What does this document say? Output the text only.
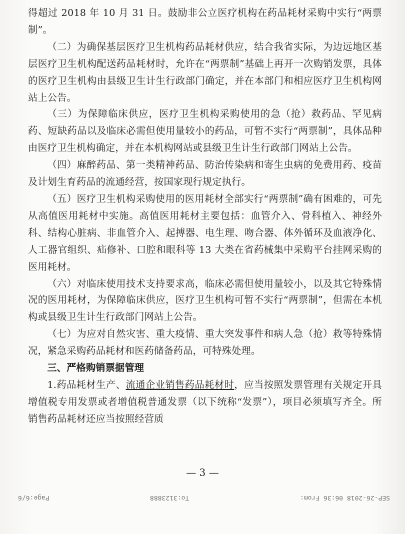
得超过 2018 年 10 月 31 日。鼓励非公立医疗机构在药品耗材采购中实行“两票制”。

（二）为确保基层医疗卫生机构药品耗材供应，结合我省实际，为边远地区基层医疗卫生机构配送药品耗材时，允许在“两票制”基础上再开一次购销发票，具体的医疗卫生机构由县级卫生计生行政部门确定，并在本部门和相应医疗卫生机构网站上公告。

（三）为保障临床供应，医疗卫生机构采购使用的急（抢）救药品、罕见病药、短缺药品以及临床必需但使用量较小的药品，可暂不实行“两票制”，具体品种由医疗卫生机构确定，并在本机构网站或县级卫生计生行政部门网站上公告。

（四）麻醉药品、第一类精神药品、防治传染病和寄生虫病的免费用药、疫苗及计划生育药品的流通经营，按国家现行规定执行。

（五）医疗卫生机构采购使用的医用耗材全部实行“两票制”确有困难的，可先从高值医用耗材中实施。高值医用耗材主要包括：血管介入、骨科植入、神经外科、结构心脏病、非血管介入、起搏器、电生理、吻合器、体外循环及血液净化、人工器官组织、疝修补、口腔和眼科等 13 大类在省药械集中采购平台挂网采购的医用耗材。

（六）对临床使用技术支持要求高，临床必需但使用量较小，以及其它特殊情况的医用耗材，为保障临床供应，医疗卫生机构可暂不实行“两票制”，但需在本机构或县级卫生计生行政部门网站上公告。

（七）为应对自然灾害、重大疫情、重大突发事件和病人急（抢）救等特殊情况，紧急采购药品耗材和医药储备药品，可特殊处理。

三、严格购销票据管理

1.药品耗材生产、流通企业销售药品耗材时，应当按照发票管理有关规定开具增值税专用发票或者增值税普通发票（以下统称“发票”），项目必须填写齐全。所销售药品耗材还应当按照经营质

— 3 —
SEP-26-2018 06:36 From:
To:3123888
Page:6/6
